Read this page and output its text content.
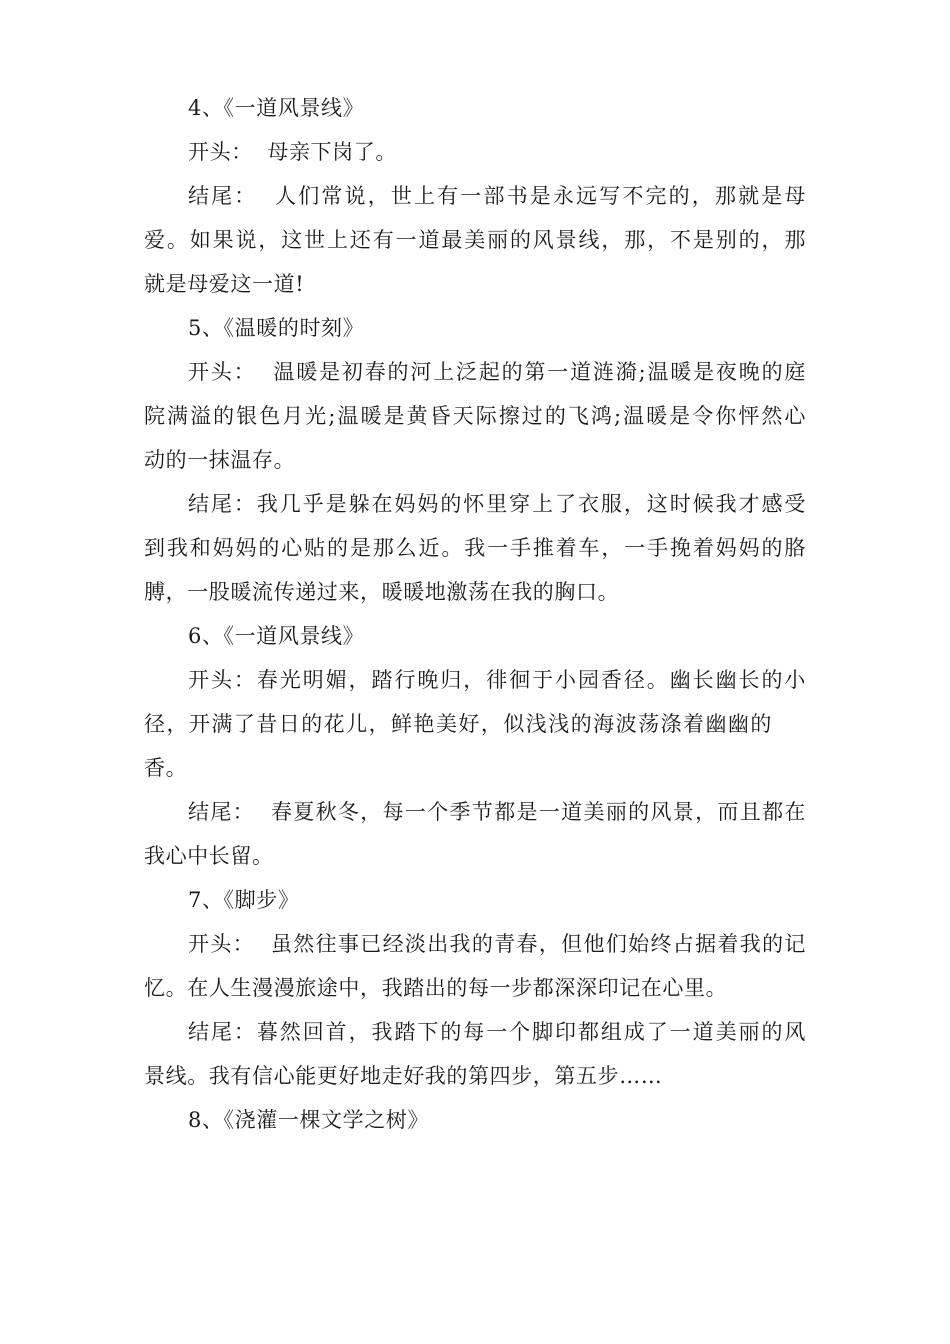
4、《一道风景线》
开头：  母亲下岗了。
结尾：  人们常说，世上有一部书是永远写不完的，那就是母
爱。如果说，这世上还有一道最美丽的风景线，那，不是别的，那
就是母爱这一道!
5、《温暖的时刻》
开头：  温暖是初春的河上泛起的第一道涟漪;温暖是夜晚的庭
院满溢的银色月光;温暖是黄昏天际擦过的飞鸿;温暖是令你怦然心
动的一抹温存。
结尾：我几乎是躲在妈妈的怀里穿上了衣服，这时候我才感受
到我和妈妈的心贴的是那么近。我一手推着车，一手挽着妈妈的胳
膊，一股暖流传递过来，暖暖地激荡在我的胸口。
6、《一道风景线》
开头：春光明媚，踏行晚归，徘徊于小园香径。幽长幽长的小
径，开满了昔日的花儿，鲜艳美好，似浅浅的海波荡涤着幽幽的
香。
结尾：  春夏秋冬，每一个季节都是一道美丽的风景，而且都在
我心中长留。
7、《脚步》
开头：  虽然往事已经淡出我的青春，但他们始终占据着我的记
忆。在人生漫漫旅途中，我踏出的每一步都深深印记在心里。
结尾：暮然回首，我踏下的每一个脚印都组成了一道美丽的风
景线。我有信心能更好地走好我的第四步，第五步……
8、《浇灌一棵文学之树》
